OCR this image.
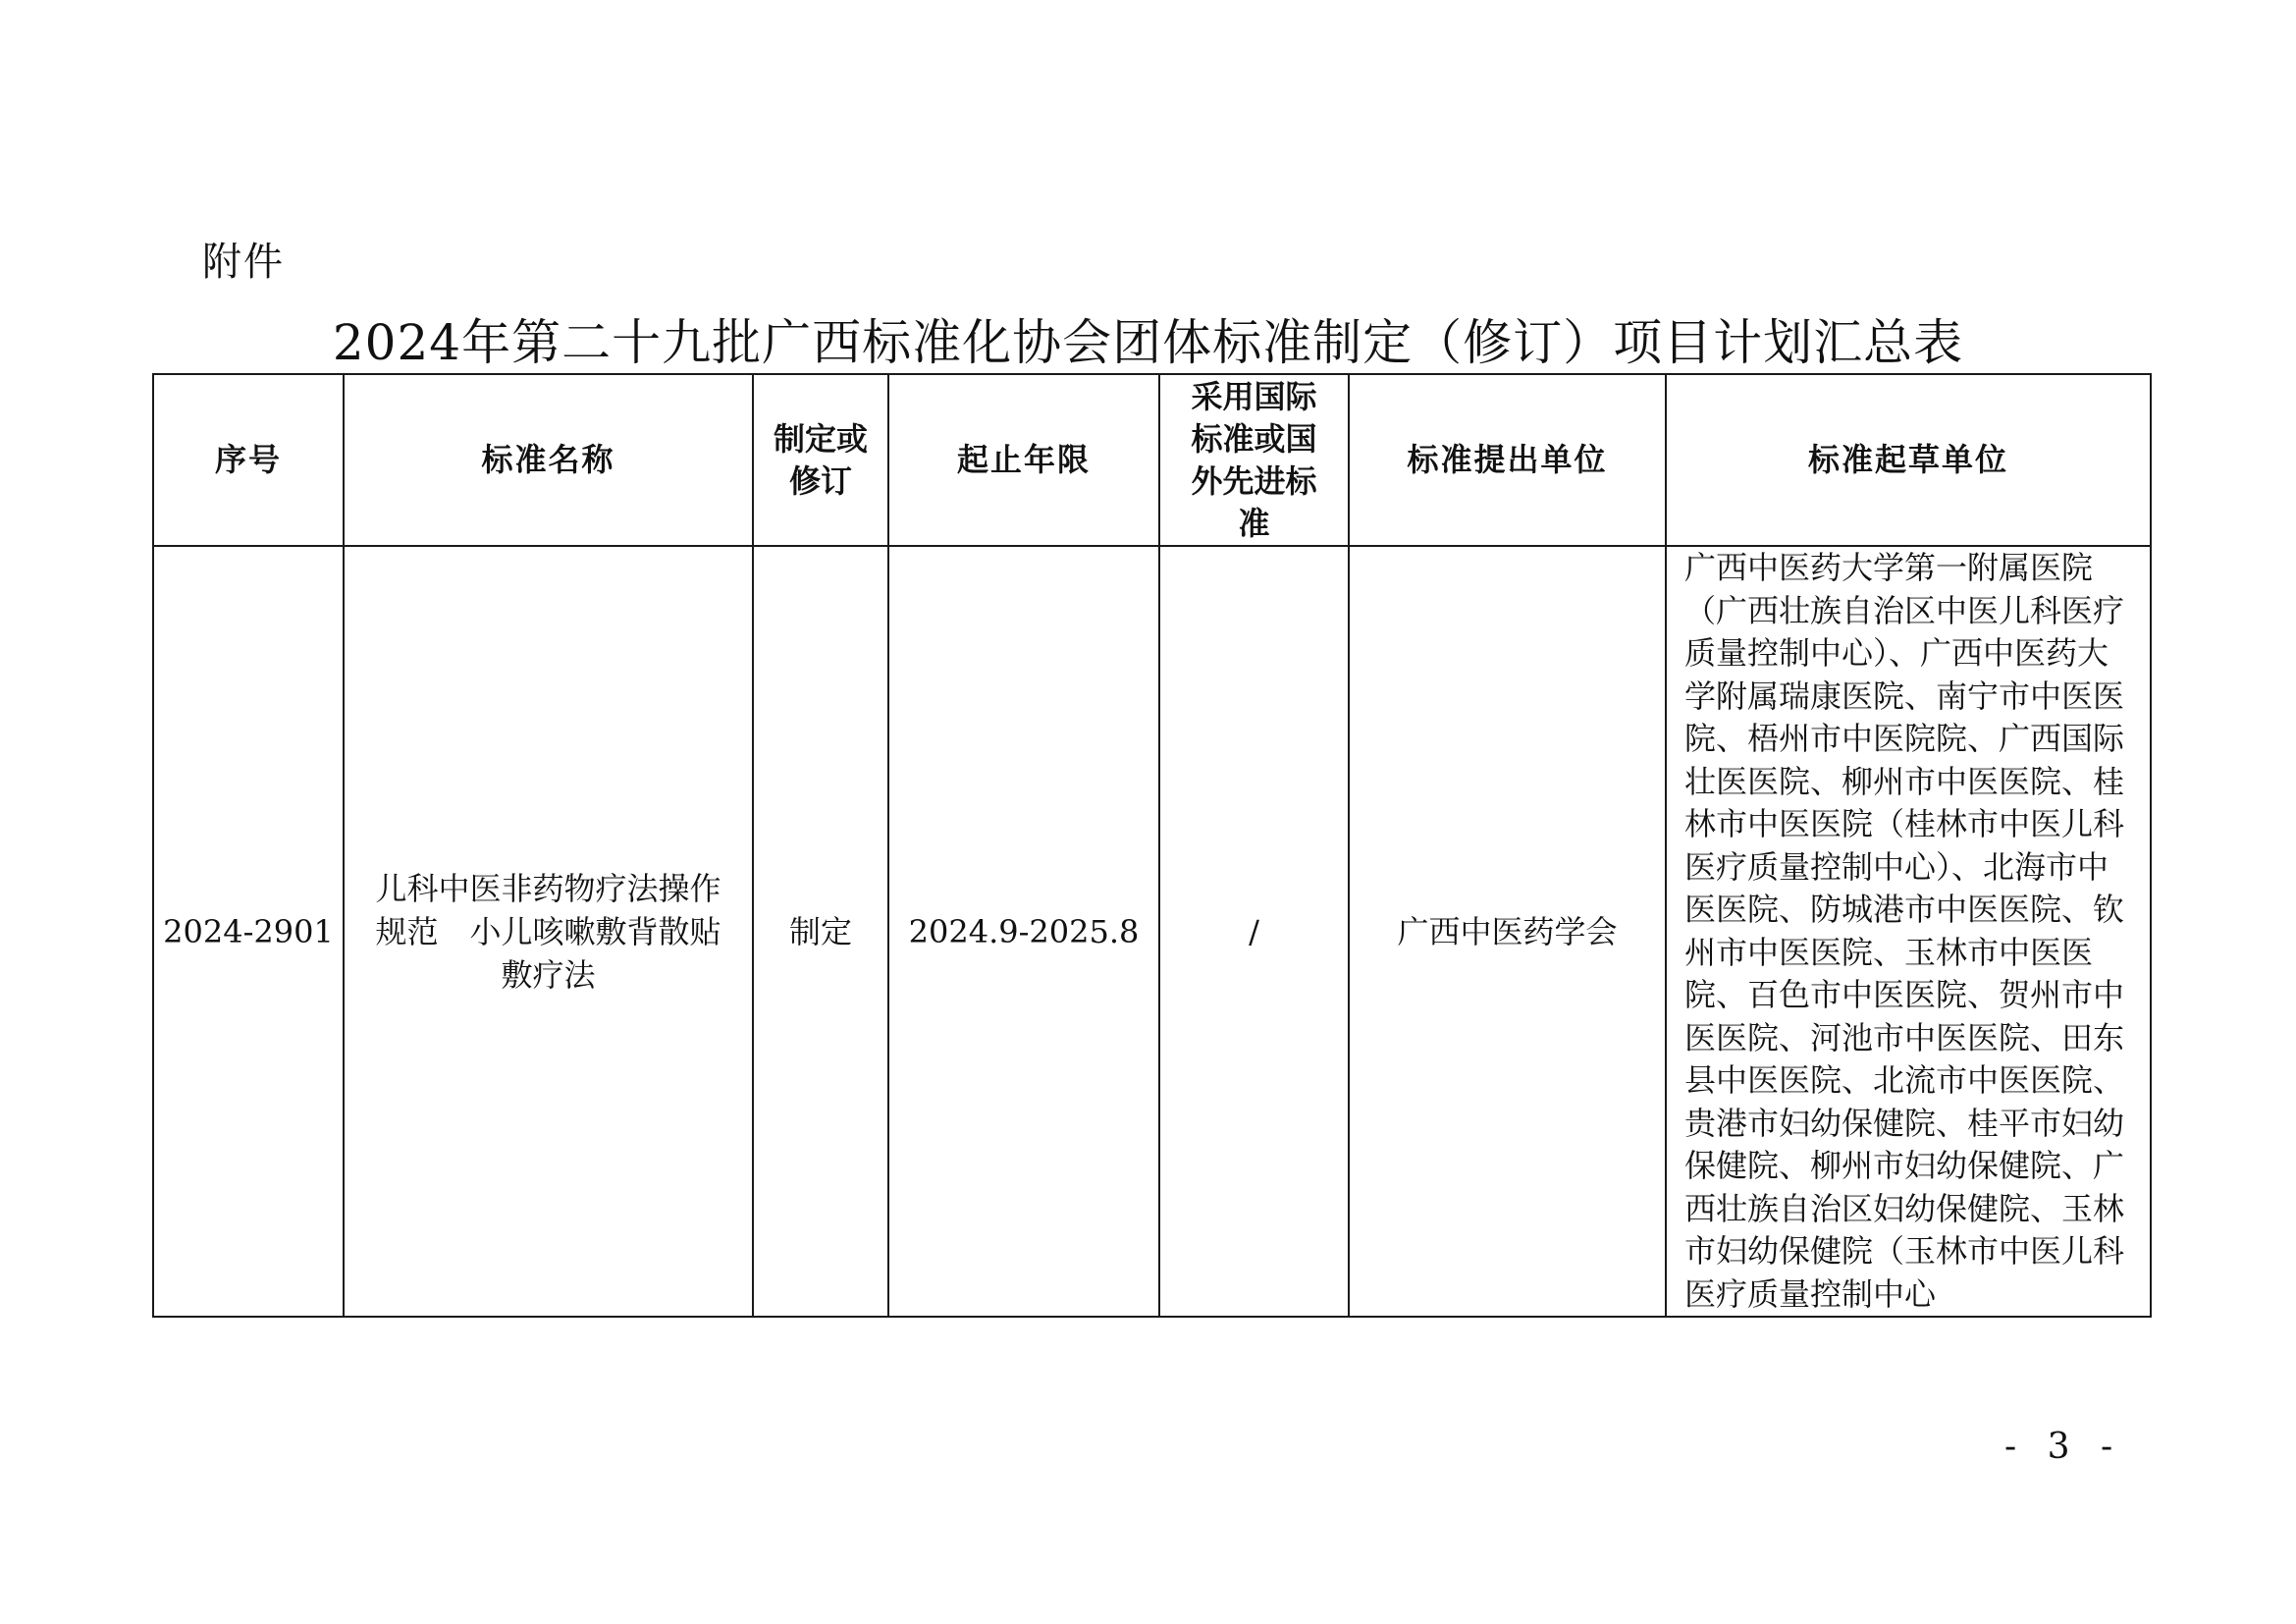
附件
2024年第二十九批广西标准化协会团体标准制定（修订）项目计划汇总表
序号	标准名称	制定或修订	起止年限	采用国际标准或国外先进标准	标准提出单位	标准起草单位
2024-2901	儿科中医非药物疗法操作规范　小儿咳嗽敷背散贴敷疗法	制定	2024.9-2025.8	/	广西中医药学会	广西中医药大学第一附属医院（广西壮族自治区中医儿科医疗质量控制中心）、广西中医药大学附属瑞康医院、南宁市中医医院、梧州市中医院院、广西国际壮医医院、柳州市中医医院、桂林市中医医院（桂林市中医儿科医疗质量控制中心）、北海市中医医院、防城港市中医医院、钦州市中医医院、玉林市中医医院、百色市中医医院、贺州市中医医院、河池市中医医院、田东县中医医院、北流市中医医院、贵港市妇幼保健院、桂平市妇幼保健院、柳州市妇幼保健院、广西壮族自治区妇幼保健院、玉林市妇幼保健院（玉林市中医儿科医疗质量控制中心
- 3 -
